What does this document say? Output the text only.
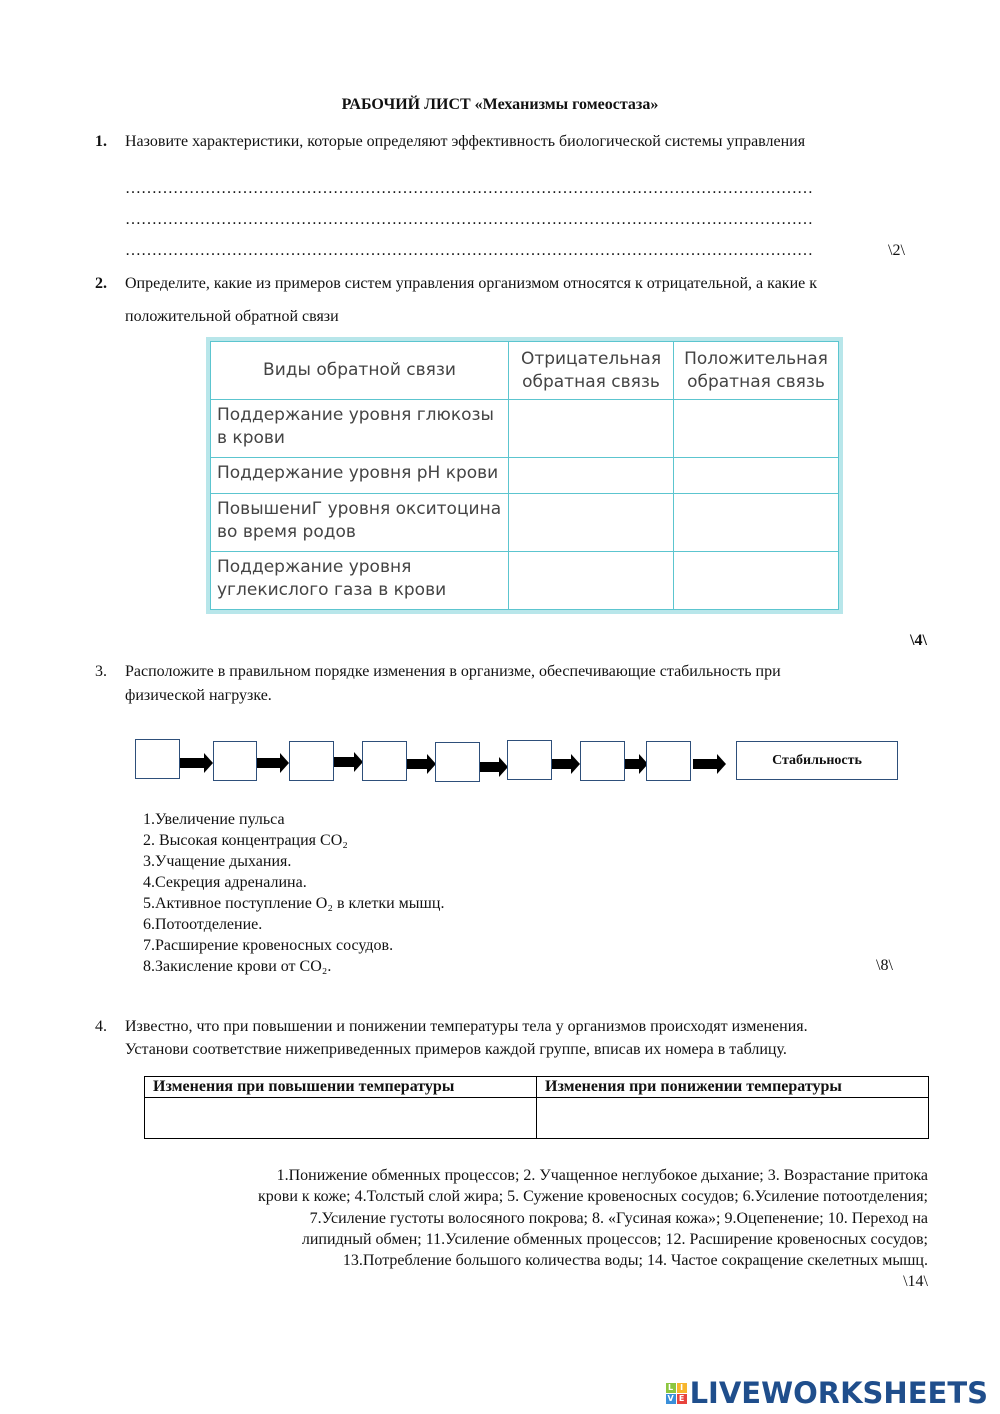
РАБОЧИЙ ЛИСТ «Механизмы гомеостаза»
1. Назовите характеристики, которые определяют эффективность биологической системы управления
…………………………………………………………………………………………………………………
…………………………………………………………………………………………………………………
…………………………………………………………………………………………………………………	\2\
2. Определите, какие из примеров систем управления организмом относятся к отрицательной, а какие к
положительной обратной связи
Виды обратной связи	Отрицательная обратная связь	Положительная обратная связь
Поддержание уровня глюкозы в крови		
Поддержание уровня pH крови		
ПовышениГ уровня окситоцина во время родов		
Поддержание уровня углекислого газа в крови		
\4\
3. Расположите в правильном порядке изменения в организме, обеспечивающие стабильность при
физической нагрузке.
Стабильность
1.Увеличение пульса
2. Высокая концентрация CO₂
3.Учащение дыхания.
4.Секреция адреналина.
5.Активное поступление O₂ в клетки мышц.
6.Потоотделение.
7.Расширение кровеносных сосудов.
8.Закисление крови от CO₂.	\8\
4. Известно, что при повышении и понижении температуры тела у организмов происходят изменения.
Установи соответствие нижеприведенных примеров каждой группе, вписав их номера в таблицу.
Изменения при повышении температуры	Изменения при понижении температуры

1.Понижение обменных процессов; 2. Учащенное неглубокое дыхание; 3. Возрастание притока
крови к коже; 4.Толстый слой жира; 5. Сужение кровеносных сосудов; 6.Усиление потоотделения;
7.Усиление густоты волосяного покрова; 8. «Гусиная кожа»; 9.Оцепенение; 10. Переход на
липидный обмен; 11.Усиление обменных процессов; 12. Расширение кровеносных сосудов;
13.Потребление большого количества воды; 14. Частое сокращение скелетных мышц.
\14\
L I
V E LIVEWORKSHEETS
